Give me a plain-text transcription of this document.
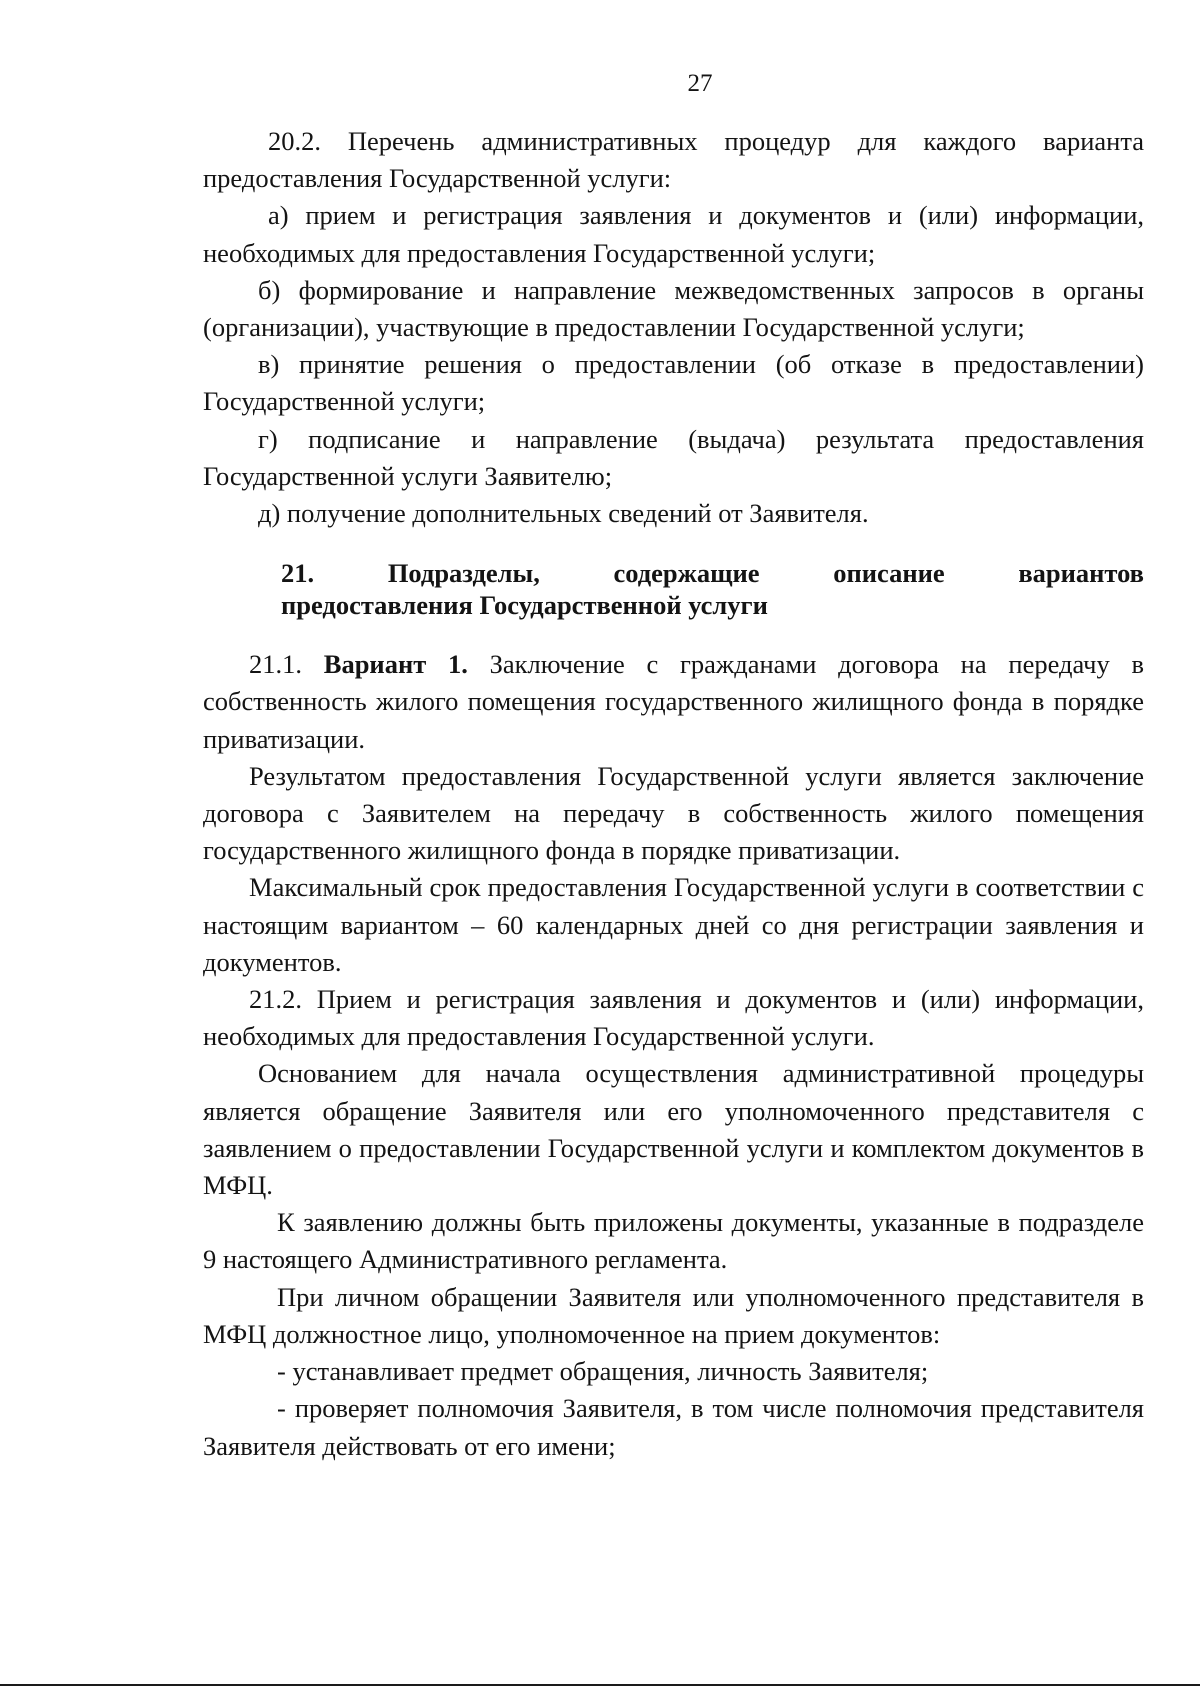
27

20.2. Перечень административных процедур для каждого варианта предоставления Государственной услуги:

а) прием и регистрация заявления и документов и (или) информации, необходимых для предоставления Государственной услуги;

б) формирование и направление межведомственных запросов в органы (организации), участвующие в предоставлении Государственной услуги;

в) принятие решения о предоставлении (об отказе в предоставлении) Государственной услуги;

г) подписание и направление (выдача) результата предоставления Государственной услуги Заявителю;

д) получение дополнительных сведений от Заявителя.

21. Подразделы, содержащие описание вариантов
предоставления Государственной услуги

21.1. Вариант 1. Заключение с гражданами договора на передачу в собственность жилого помещения государственного жилищного фонда в порядке приватизации.

Результатом предоставления Государственной услуги является заключение договора с Заявителем на передачу в собственность жилого помещения государственного жилищного фонда в порядке приватизации.

Максимальный срок предоставления Государственной услуги в соответствии с настоящим вариантом – 60 календарных дней со дня регистрации заявления и документов.

21.2. Прием и регистрация заявления и документов и (или) информации, необходимых для предоставления Государственной услуги.

Основанием для начала осуществления административной процедуры является обращение Заявителя или его уполномоченного представителя с заявлением о предоставлении Государственной услуги и комплектом документов в МФЦ.

К заявлению должны быть приложены документы, указанные в подразделе 9 настоящего Административного регламента.

При личном обращении Заявителя или уполномоченного представителя в МФЦ должностное лицо, уполномоченное на прием документов:

- устанавливает предмет обращения, личность Заявителя;

- проверяет полномочия Заявителя, в том числе полномочия представителя Заявителя действовать от его имени;
